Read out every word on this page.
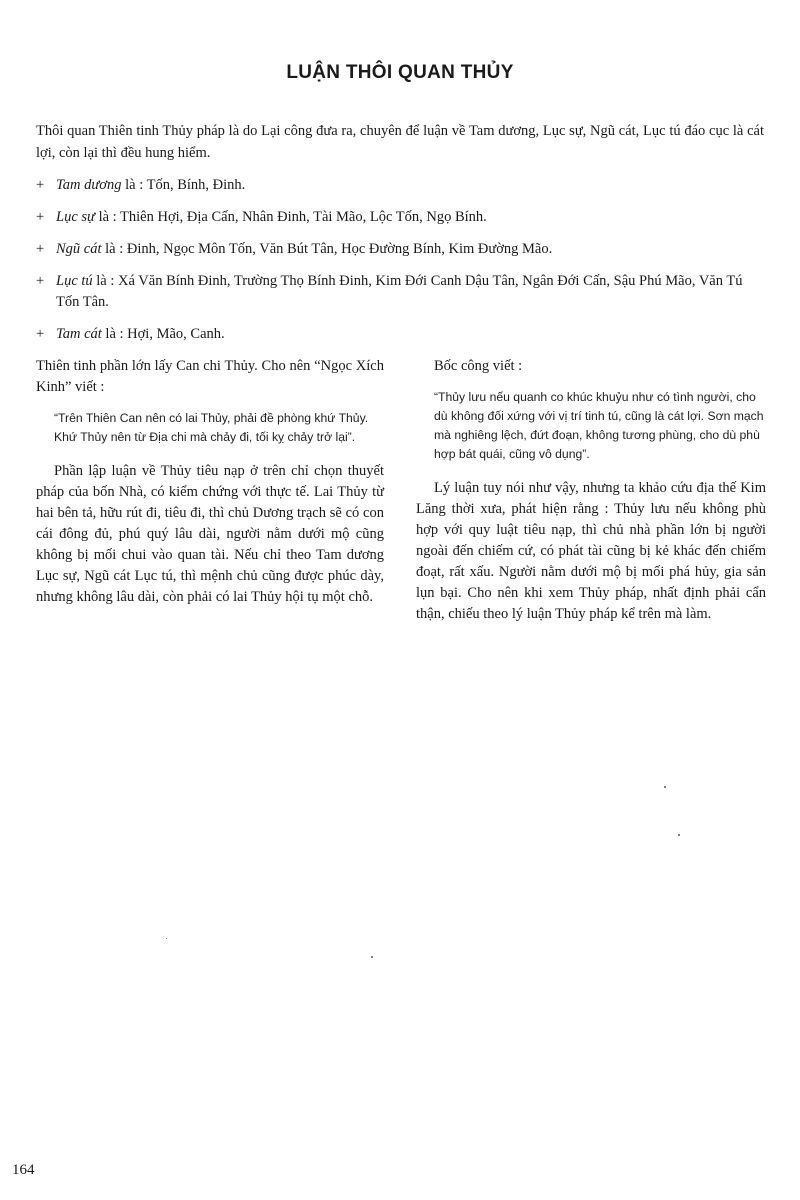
LUẬN THÔI QUAN THỦY
Thôi quan Thiên tinh Thủy pháp là do Lại công đưa ra, chuyên để luận về Tam dương, Lục sự, Ngũ cát, Lục tú đáo cục là cát lợi, còn lại thì đều hung hiểm.
+ Tam dương là : Tốn, Bính, Đinh.
+ Lục sự là : Thiên Hợi, Địa Cấn, Nhân Đinh, Tài Mão, Lộc Tốn, Ngọ Bính.
+ Ngũ cát là : Đinh, Ngọc Môn Tốn, Văn Bút Tân, Học Đường Bính, Kim Đường Mão.
+ Lục tú là : Xá Văn Bính Đinh, Trường Thọ Bính Đinh, Kim Đới Canh Dậu Tân, Ngân Đới Cấn, Sậu Phú Mão, Văn Tú Tốn Tân.
+ Tam cát là : Hợi, Mão, Canh.

Thiên tinh phần lớn lấy Can chi Thủy. Cho nên “Ngọc Xích Kinh” viết :

“Trên Thiên Can nên có lai Thủy, phải đề phòng khứ Thủy. Khứ Thủy nên từ Địa chi mà chảy đi, tối kỵ chảy trở lại”.

Phần lập luận về Thủy tiêu nạp ở trên chỉ chọn thuyết pháp của bốn Nhà, có kiểm chứng với thực tế. Lai Thủy từ hai bên tả, hữu rút đi, tiêu đi, thì chủ Dương trạch sẽ có con cái đông đủ, phú quý lâu dài, người nằm dưới mộ cũng không bị mối chui vào quan tài. Nếu chỉ theo Tam dương Lục sự, Ngũ cát Lục tú, thì mệnh chủ cũng được phúc dày, nhưng không lâu dài, còn phải có lai Thủy hội tụ một chỗ.

Bốc công viết :

“Thủy lưu nếu quanh co khúc khuỷu như có tình người, cho dù không đối xứng với vị trí tinh tú, cũng là cát lợi. Sơn mạch mà nghiêng lệch, đứt đoạn, không tương phùng, cho dù phù hợp bát quái, cũng vô dụng”.

Lý luận tuy nói như vậy, nhưng ta khảo cứu địa thế Kim Lăng thời xưa, phát hiện rằng : Thủy lưu nếu không phù hợp với quy luật tiêu nạp, thì chủ nhà phần lớn bị người ngoài đến chiếm cứ, có phát tài cũng bị kẻ khác đến chiếm đoạt, rất xấu. Người nằm dưới mộ bị mối phá hủy, gia sản lụn bại. Cho nên khi xem Thủy pháp, nhất định phải cẩn thận, chiếu theo lý luận Thủy pháp kể trên mà làm.

164
